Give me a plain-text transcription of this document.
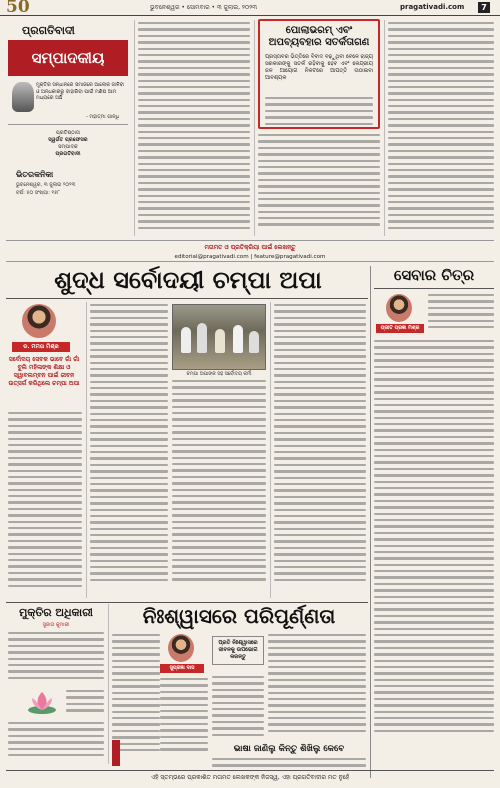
50	ଭୁବନେଶ୍ୱର • ସୋମବାର • ୩ ଜୁଲାଇ, ୨୦୨୩	pragativadi.com	7
ପ୍ରଗତିବାଦୀ
ସମ୍ପାଦକୀୟ
ମୁକ୍ତିର ସନ୍ଧାନରେ ସମାଜରେ ଆଲୋକ ଜାଳିବା ଓ ଅନ୍ଧକାରରୁ ବାହାରିବା ପାଇଁ ମଣିଷ ଆମ ମଧ୍ୟରେ ଅଛି
- ମହାତ୍ମା ଗାନ୍ଧି
ପ୍ରତିଷ୍ଠାତା
ସ୍ୱର୍ଗତ ପ୍ରଫେସର
ସମ୍ପାଦକ
ପ୍ରଗତିବାଦୀ
ଭିତରକନିକା
ଭୁବନେଶ୍ୱର, ୩ ଜୁଲାଇ ୨୦୨୩
ବର୍ଷ: ୫୦ ସଂଖ୍ୟା: ୧୫୮
ମତାମତ ଓ ପ୍ରତିକ୍ରିୟା ପାଇଁ ଲେଖନ୍ତୁ
editorial@pragativadi.com | feature@pragativadi.com
ପୋଲାଭରମ୍ ଏବଂ ଅପବ୍ୟବହାର ସତର୍କତାଗଣ
ପ୍ରସ୍ତାବର ଭିତ୍ତିରେ ବିବାଦ ବଢ଼ୁଥିବା ବେଳେ ରାଜ୍ୟ ସରକାରଙ୍କୁ ସତର୍କ ରହିବାକୁ ହେବ ଏବଂ କେନ୍ଦ୍ରୀୟ ଜଳ ଆୟୋଗ ନିକଟରେ ଆପତ୍ତି ଉଠାଇବା ଆବଶ୍ୟକ
ଶୁଦ୍ଧ ସର୍ବୋଦୟୀ ଚମ୍ପା ଅପା
ଡ. ମମତା ମିଶ୍ର
ସର୍ବୋଦୟ ସେବକ ଭାବେ ଗାଁ ଗାଁ ବୁଲି ମହିଳାଙ୍କ ଶିକ୍ଷା ଓ ସ୍ୱାବଲମ୍ବନ ପାଇଁ ଜୀବନ ଉତ୍ସର୍ଗ କରିଥିଲେ ଚମ୍ପା ଅପା
ଚମ୍ପା ଅପାଙ୍କ ସହ ସର୍ବୋଦୟ କର୍ମୀ
ସେବାର ଚିତ୍ର
ପ୍ରୀତି ପ୍ରଜ୍ଞା ମିଶ୍ର
ମୁକ୍ତିର ଅଧିକାରୀ
ସୁଜାତା କୁମାରୀ	ନିଃଶ୍ୱାସରେ ପରିପୂର୍ଣ୍ଣତା
ସୁପ୍ରଜ୍ଞା ଦାସ
ପ୍ରତି ନିଃଶ୍ୱାସରେ ଜୀବନକୁ ଉପଭୋଗ କରନ୍ତୁ
ଭାଷା ଜାଣିଲୁ କିନ୍ତୁ ଶିଖିଲୁ କେବେ
ଏହି ସ୍ତମ୍ଭରେ ପ୍ରକାଶିତ ମତାମତ ଲେଖକଙ୍କ ନିଜସ୍ୱ, ଏହା ପ୍ରଗତିବାଦୀର ମତ ନୁହେଁ
